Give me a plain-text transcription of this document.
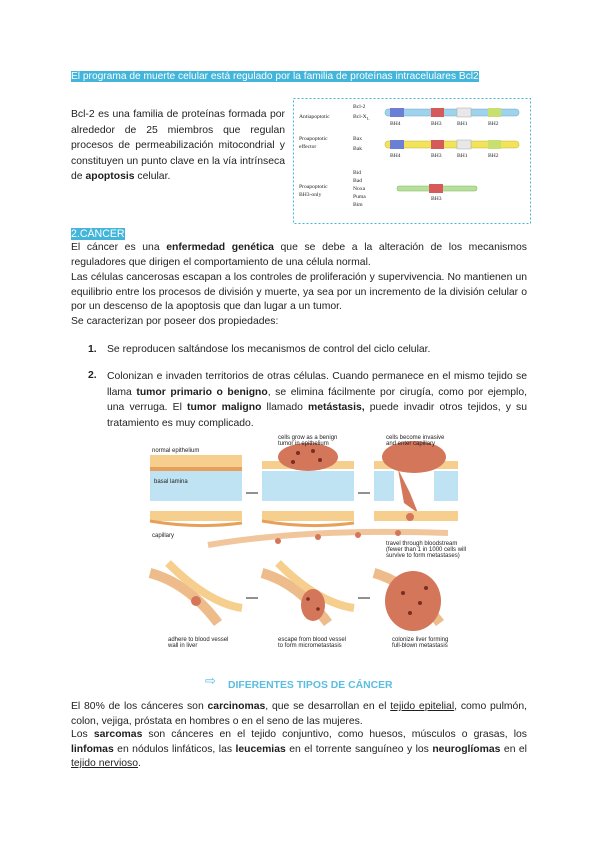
El programa de muerte celular está regulado por la familia de proteínas intracelulares Bcl2
Bcl-2 es una familia de proteínas formada por alrededor de 25 miembros que regulan procesos de permeabilización mitocondrial y constituyen un punto clave en la vía intrínseca de apoptosis celular.
Antiapoptotic
Bcl-2
Bcl-X L
BH4	BH3	BH1	BH2
Proapoptotic
effector
Bax
Bak
BH4	BH3	BH1	BH2
Proapoptotic
BH3-only
Bid
Bad
Noxa
Puma
Bim
BH3
2.CÁNCER
El cáncer es una enfermedad genética que se debe a la alteración de los mecanismos reguladores que dirigen el comportamiento de una célula normal.
Las células cancerosas escapan a los controles de proliferación y supervivencia. No mantienen un equilibrio entre los procesos de división y muerte, ya sea por un incremento de la división celular o por un descenso de la apoptosis que dan lugar a un tumor.
Se caracterizan por poseer dos propiedades:
1. Se reproducen saltándose los mecanismos de control del ciclo celular.
2. Colonizan e invaden territorios de otras células. Cuando permanece en el mismo tejido se llama tumor primario o benigno, se elimina fácilmente por cirugía, como por ejemplo, una verruga. El tumor maligno llamado metástasis, puede invadir otros tejidos, y su tratamiento es muy complicado.
normal epithelium
basal lamina
capillary
cells grow as a benign
tumor in epithelium
cells become invasive
and enter capillary
travel through bloodstream
(fewer than 1 in 1000 cells will
survive to form metastases)
adhere to blood vessel
wall in liver
escape from blood vessel
to form micrometastasis
colonize liver forming
full-blown metastasis
⇨ DIFERENTES TIPOS DE CÁNCER
El 80% de los cánceres son carcinomas, que se desarrollan en el tejido epitelial, como pulmón, colon, vejiga, próstata en hombres o en el seno de las mujeres.
Los sarcomas son cánceres en el tejido conjuntivo, como huesos, músculos o grasas, los linfomas en nódulos linfáticos, las leucemias en el torrente sanguíneo y los neuroglíomas en el tejido nervioso.
